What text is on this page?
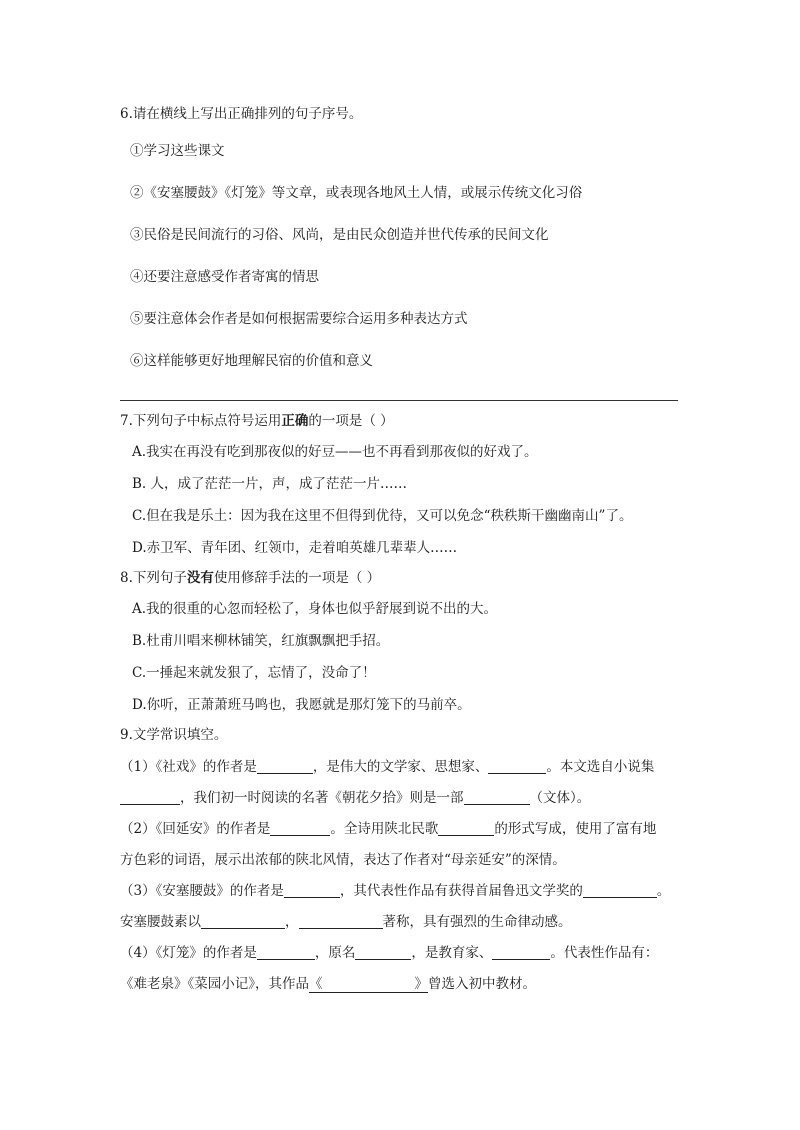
6.请在横线上写出正确排列的句子序号。
①学习这些课文
②《安塞腰鼓》《灯笼》等文章，或表现各地风土人情，或展示传统文化习俗
③民俗是民间流行的习俗、风尚，是由民众创造并世代传承的民间文化
④还要注意感受作者寄寓的情思
⑤要注意体会作者是如何根据需要综合运用多种表达方式
⑥这样能够更好地理解民宿的价值和意义
7.下列句子中标点符号运用正确的一项是（ ）
A.我实在再没有吃到那夜似的好豆——也不再看到那夜似的好戏了。
B. 人，成了茫茫一片，声，成了茫茫一片……
C.但在我是乐土：因为我在这里不但得到优待，又可以免念“秩秩斯干幽幽南山”了。
D.赤卫军、青年团、红领巾，走着咱英雄几辈辈人……
8.下列句子没有使用修辞手法的一项是（ ）
A.我的很重的心忽而轻松了，身体也似乎舒展到说不出的大。
B.杜甫川唱来柳林铺笑，红旗飘飘把手招。
C.一捶起来就发狠了，忘情了，没命了！
D.你听，正萧萧班马鸣也，我愿就是那灯笼下的马前卒。
9.文学常识填空。
（1）《社戏》的作者是	，是伟大的文学家、思想家、	。本文选自小说集
，我们初一时阅读的名著《朝花夕拾》则是一部	（文体）。
（2）《回延安》的作者是	。全诗用陕北民歌	的形式写成，使用了富有地
方色彩的词语，展示出浓郁的陕北风情，表达了作者对“母亲延安”的深情。
（3）《安塞腰鼓》的作者是	，其代表性作品有获得首届鲁迅文学奖的	。
安塞腰鼓素以	，	著称，具有强烈的生命律动感。
（4）《灯笼》的作者是	，原名	，是教育家、	。代表性作品有：
《难老泉》《菜园小记》，其作品《	》曾选入初中教材。
